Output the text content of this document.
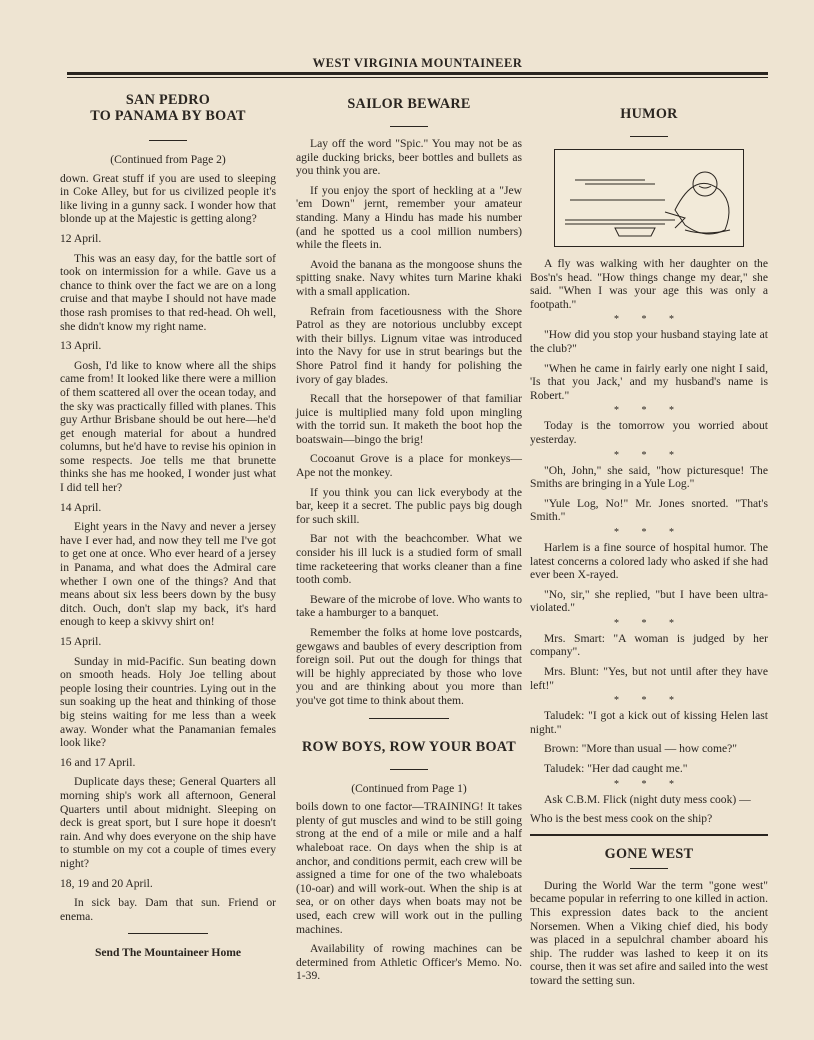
WEST VIRGINIA MOUNTAINEER
SAN PEDRO
TO PANAMA BY BOAT
(Continued from Page 2)

down. Great stuff if you are used to sleeping in Coke Alley, but for us civilized people it's like living in a gunny sack. I wonder how that blonde up at the Majestic is getting along?

12 April.

This was an easy day, for the battle sort of took on intermission for a while. Gave us a chance to think over the fact we are on a long cruise and that maybe I should not have made those rash promises to that red-head. Oh well, she didn't know my right name.

13 April.

Gosh, I'd like to know where all the ships came from! It looked like there were a million of them scattered all over the ocean today, and the sky was practically filled with planes. This guy Arthur Brisbane should be out here—he'd get enough material for about a hundred columns, but he'd have to revise his opinion in some respects. Joe tells me that brunette thinks she has me hooked, I wonder just what I did tell her?

14 April.

Eight years in the Navy and never a jersey have I ever had, and now they tell me I've got to get one at once. Who ever heard of a jersey in Panama, and what does the Admiral care whether I own one of the things? And that means about six less beers down by the busy ditch. Ouch, don't slap my back, it's hard enough to keep a skivvy shirt on!

15 April.

Sunday in mid-Pacific. Sun beating down on smooth heads. Holy Joe telling about people losing their countries. Lying out in the sun soaking up the heat and thinking of those big steins waiting for me less than a week away. Wonder what the Panamanian females look like?

16 and 17 April.

Duplicate days these; General Quarters all morning ship's work all afternoon, General Quarters until about midnight. Sleeping on deck is great sport, but I sure hope it doesn't rain. And why does everyone on the ship have to stumble on my cot a couple of times every night?

18, 19 and 20 April.

In sick bay. Dam that sun. Friend or enema.

Send The Mountaineer Home
SAILOR BEWARE

Lay off the word "Spic." You may not be as agile ducking bricks, beer bottles and bullets as you think you are.

If you enjoy the sport of heckling at a "Jew 'em Down" jernt, remember your amateur standing. Many a Hindu has made his number (and he spotted us a cool million numbers) while the fleets in.

Avoid the banana as the mongoose shuns the spitting snake. Navy whites turn Marine khaki with a small application.

Refrain from facetiousness with the Shore Patrol as they are notorious unclubby except with their billys. Lignum vitae was introduced into the Navy for use in strut bearings but the Shore Patrol find it handy for polishing the ivory of gay blades.

Recall that the horsepower of that familiar juice is multiplied many fold upon mingling with the torrid sun. It maketh the boot hop the boatswain—bingo the brig!

Cocoanut Grove is a place for monkeys—Ape not the monkey.

If you think you can lick everybody at the bar, keep it a secret. The public pays big dough for such skill.

Bar not with the beachcomber. What we consider his ill luck is a studied form of small time racketeering that works cleaner than a fine tooth comb.

Beware of the microbe of love. Who wants to take a hamburger to a banquet.

Remember the folks at home love postcards, gewgaws and baubles of every description from foreign soil. Put out the dough for things that will be highly appreciated by those who love you and are thinking about you more than you've got time to think about them.

ROW BOYS, ROW YOUR BOAT
(Continued from Page 1)

boils down to one factor—TRAINING! It takes plenty of gut muscles and wind to be still going strong at the end of a mile or mile and a half whaleboat race. On days when the ship is at anchor, and conditions permit, each crew will be assigned a time for one of the two whaleboats (10-oar) and will work-out. When the ship is at sea, or on other days when boats may not be used, each crew will work out in the pulling machines.

Availability of rowing machines can be determined from Athletic Officer's Memo. No. 1-39.

HUMOR

A fly was walking with her daughter on the Bos'n's head. "How things change my dear," she said. "When I was your age this was only a footpath."

* * *

"How did you stop your husband staying late at the club?"

"When he came in fairly early one night I said, 'Is that you Jack,' and my husband's name is Robert."

* * *

Today is the tomorrow you worried about yesterday.

* * *

"Oh, John," she said, "how picturesque! The Smiths are bringing in a Yule Log."

"Yule Log, No!" Mr. Jones snorted. "That's Smith."

* * *

Harlem is a fine source of hospital humor. The latest concerns a colored lady who asked if she had ever been X-rayed.

"No, sir," she replied, "but I have been ultra-violated."

* * *

Mrs. Smart: "A woman is judged by her company".

Mrs. Blunt: "Yes, but not until after they have left!"

* * *

Taludek: "I got a kick out of kissing Helen last night."

Brown: "More than usual — how come?"

Taludek: "Her dad caught me."

* * *

Ask C.B.M. Flick (night duty mess cook) —

Who is the best mess cook on the ship?

GONE WEST

During the World War the term "gone west" became popular in referring to one killed in action. This expression dates back to the ancient Norsemen. When a Viking chief died, his body was placed in a sepulchral chamber aboard his ship. The rudder was lashed to keep it on its course, then it was set afire and sailed into the west toward the setting sun.
